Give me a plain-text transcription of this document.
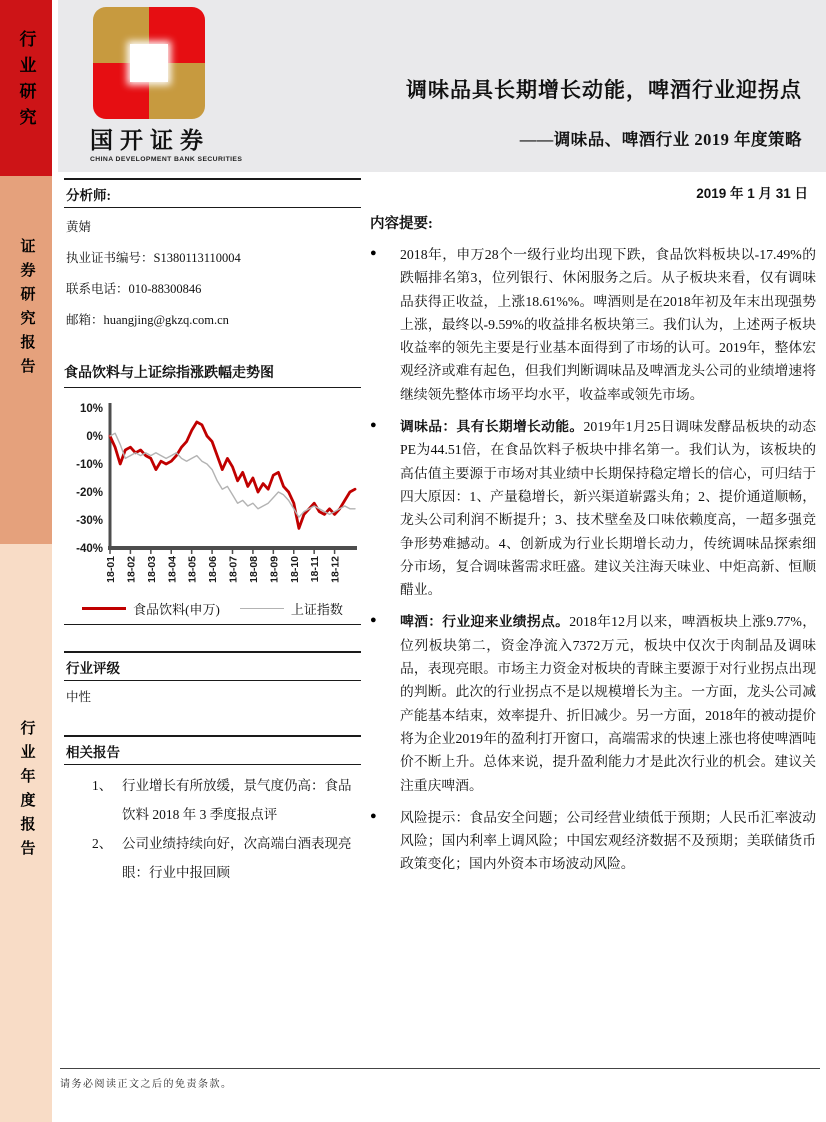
行业研究
证券研究报告
行业年度报告
国开证券
CHINA DEVELOPMENT BANK SECURITIES
调味品具长期增长动能，啤酒行业迎拐点
——调味品、啤酒行业 2019 年度策略
分析师:
黄婧
执业证书编号：S1380113110004
联系电话：010-88300846
邮箱：huangjing@gkzq.com.cn
食品饮料与上证综指涨跌幅走势图
10%
0%
-10%
-20%
-30%
-40%
18-01 18-02 18-03 18-04 18-05 18-06 18-07 18-08 18-09 18-10 18-11 18-12
食品饮料(申万)	上证指数
行业评级
中性
相关报告
1、 行业增长有所放缓，景气度仍高：食品饮料 2018 年 3 季度报点评
2、 公司业绩持续向好，次高端白酒表现亮眼：行业中报回顾
2019 年 1 月 31 日
内容提要:
●	2018年，申万28个一级行业均出现下跌，食品饮料板块以-17.49%的跌幅排名第3，位列银行、休闲服务之后。从子板块来看，仅有调味品获得正收益，上涨18.61%%。啤酒则是在2018年初及年末出现强势上涨，最终以-9.59%的收益排名板块第三。我们认为，上述两子板块收益率的领先主要是行业基本面得到了市场的认可。2019年，整体宏观经济或难有起色，但我们判断调味品及啤酒龙头公司的业绩增速将继续领先整体市场平均水平，收益率或领先市场。
●	调味品：具有长期增长动能。2019年1月25日调味发酵品板块的动态PE为44.51倍，在食品饮料子板块中排名第一。我们认为，该板块的高估值主要源于市场对其业绩中长期保持稳定增长的信心，可归结于四大原因：1、产量稳增长，新兴渠道崭露头角；2、提价通道顺畅，龙头公司利润不断提升；3、技术壁垒及口味依赖度高，一超多强竞争形势难撼动。4、创新成为行业长期增长动力，传统调味品探索细分市场，复合调味酱需求旺盛。建议关注海天味业、中炬高新、恒顺醋业。
●	啤酒：行业迎来业绩拐点。2018年12月以来，啤酒板块上涨9.77%，位列板块第二，资金净流入7372万元，板块中仅次于肉制品及调味品，表现亮眼。市场主力资金对板块的青睐主要源于对行业拐点出现的判断。此次的行业拐点不是以规模增长为主。一方面，龙头公司减产能基本结束，效率提升、折旧减少。另一方面，2018年的被动提价将为企业2019年的盈利打开窗口，高端需求的快速上涨也将使啤酒吨价不断上升。总体来说，提升盈利能力才是此次行业的机会。建议关注重庆啤酒。
●	风险提示：食品安全问题；公司经营业绩低于预期；人民币汇率波动风险；国内利率上调风险；中国宏观经济数据不及预期；美联储货币政策变化；国内外资本市场波动风险。
请务必阅读正文之后的免责条款。
